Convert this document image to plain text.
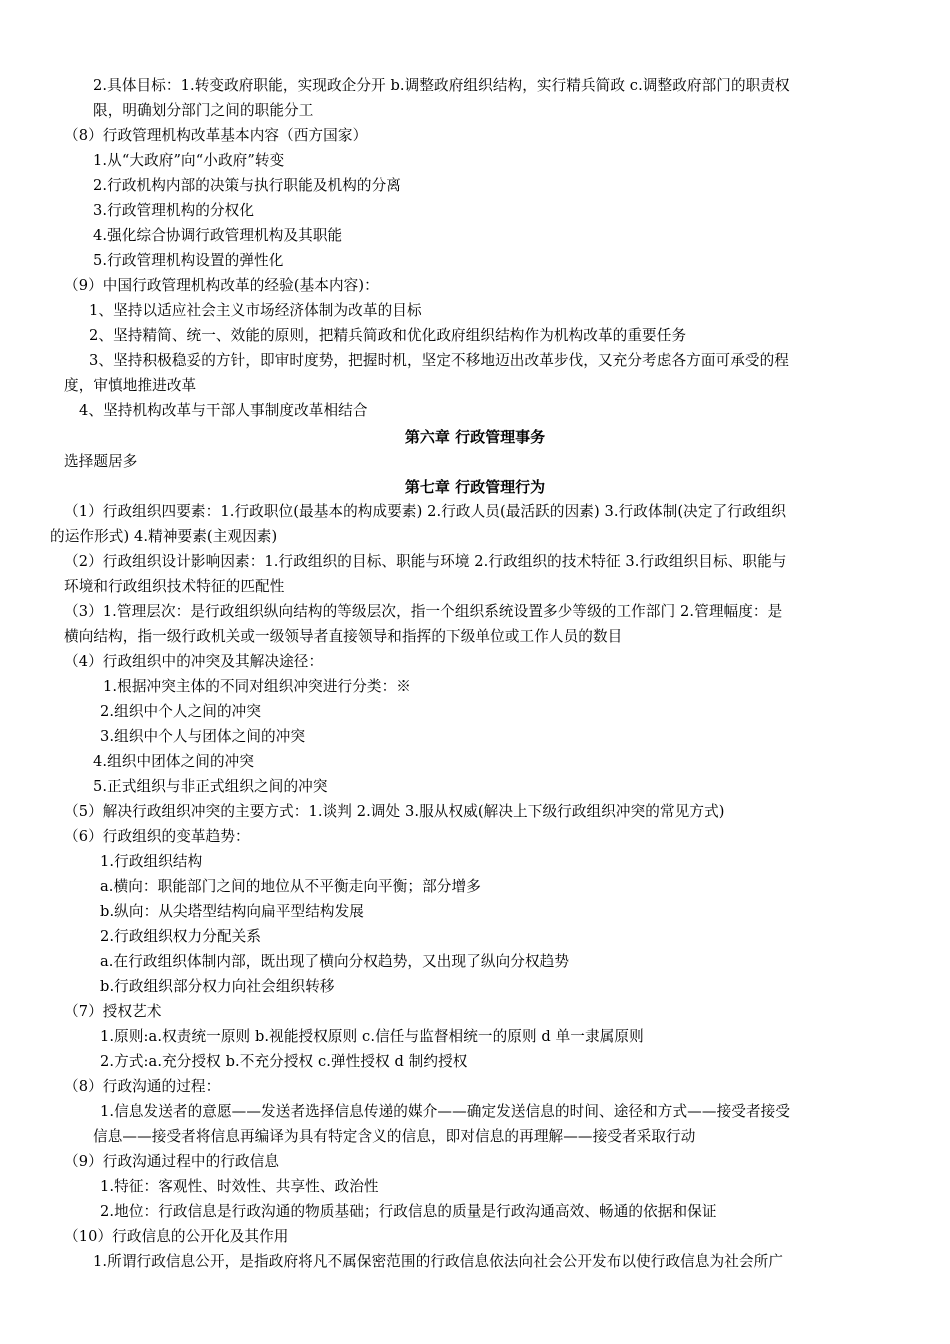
2.具体目标：1.转变政府职能，实现政企分开 b.调整政府组织结构，实行精兵简政 c.调整政府部门的职责权

限，明确划分部门之间的职能分工

（8）行政管理机构改革基本内容（西方国家）

1.从“大政府”向“小政府”转变

2.行政机构内部的决策与执行职能及机构的分离

3.行政管理机构的分权化

4.强化综合协调行政管理机构及其职能

5.行政管理机构设置的弹性化

（9）中国行政管理机构改革的经验(基本内容)：

1、坚持以适应社会主义市场经济体制为改革的目标

2、坚持精简、统一、效能的原则，把精兵简政和优化政府组织结构作为机构改革的重要任务

3、坚持积极稳妥的方针，即审时度势，把握时机，坚定不移地迈出改革步伐，又充分考虑各方面可承受的程

度，审慎地推进改革

4、坚持机构改革与干部人事制度改革相结合

第六章 行政管理事务

选择题居多

第七章 行政管理行为

（1）行政组织四要素：1.行政职位(最基本的构成要素) 2.行政人员(最活跃的因素) 3.行政体制(决定了行政组织

的运作形式) 4.精神要素(主观因素)

（2）行政组织设计影响因素：1.行政组织的目标、职能与环境 2.行政组织的技术特征 3.行政组织目标、职能与

环境和行政组织技术特征的匹配性

（3）1.管理层次：是行政组织纵向结构的等级层次，指一个组织系统设置多少等级的工作部门 2.管理幅度：是

横向结构，指一级行政机关或一级领导者直接领导和指挥的下级单位或工作人员的数目

（4）行政组织中的冲突及其解决途径：

1.根据冲突主体的不同对组织冲突进行分类：※

2.组织中个人之间的冲突

3.组织中个人与团体之间的冲突

4.组织中团体之间的冲突

5.正式组织与非正式组织之间的冲突

（5）解决行政组织冲突的主要方式：1.谈判 2.调处 3.服从权威(解决上下级行政组织冲突的常见方式)

（6）行政组织的变革趋势：

1.行政组织结构

a.横向：职能部门之间的地位从不平衡走向平衡；部分增多

b.纵向：从尖塔型结构向扁平型结构发展

2.行政组织权力分配关系

a.在行政组织体制内部，既出现了横向分权趋势，又出现了纵向分权趋势

b.行政组织部分权力向社会组织转移

（7）授权艺术

1.原则:a.权责统一原则 b.视能授权原则 c.信任与监督相统一的原则 d 单一隶属原则

2.方式:a.充分授权 b.不充分授权 c.弹性授权 d 制约授权

（8）行政沟通的过程：

1.信息发送者的意愿——发送者选择信息传递的媒介——确定发送信息的时间、途径和方式——接受者接受

信息——接受者将信息再编译为具有特定含义的信息，即对信息的再理解——接受者采取行动

（9）行政沟通过程中的行政信息

1.特征：客观性、时效性、共享性、政治性

2.地位：行政信息是行政沟通的物质基础；行政信息的质量是行政沟通高效、畅通的依据和保证

（10）行政信息的公开化及其作用

1.所谓行政信息公开，是指政府将凡不属保密范围的行政信息依法向社会公开发布以使行政信息为社会所广
